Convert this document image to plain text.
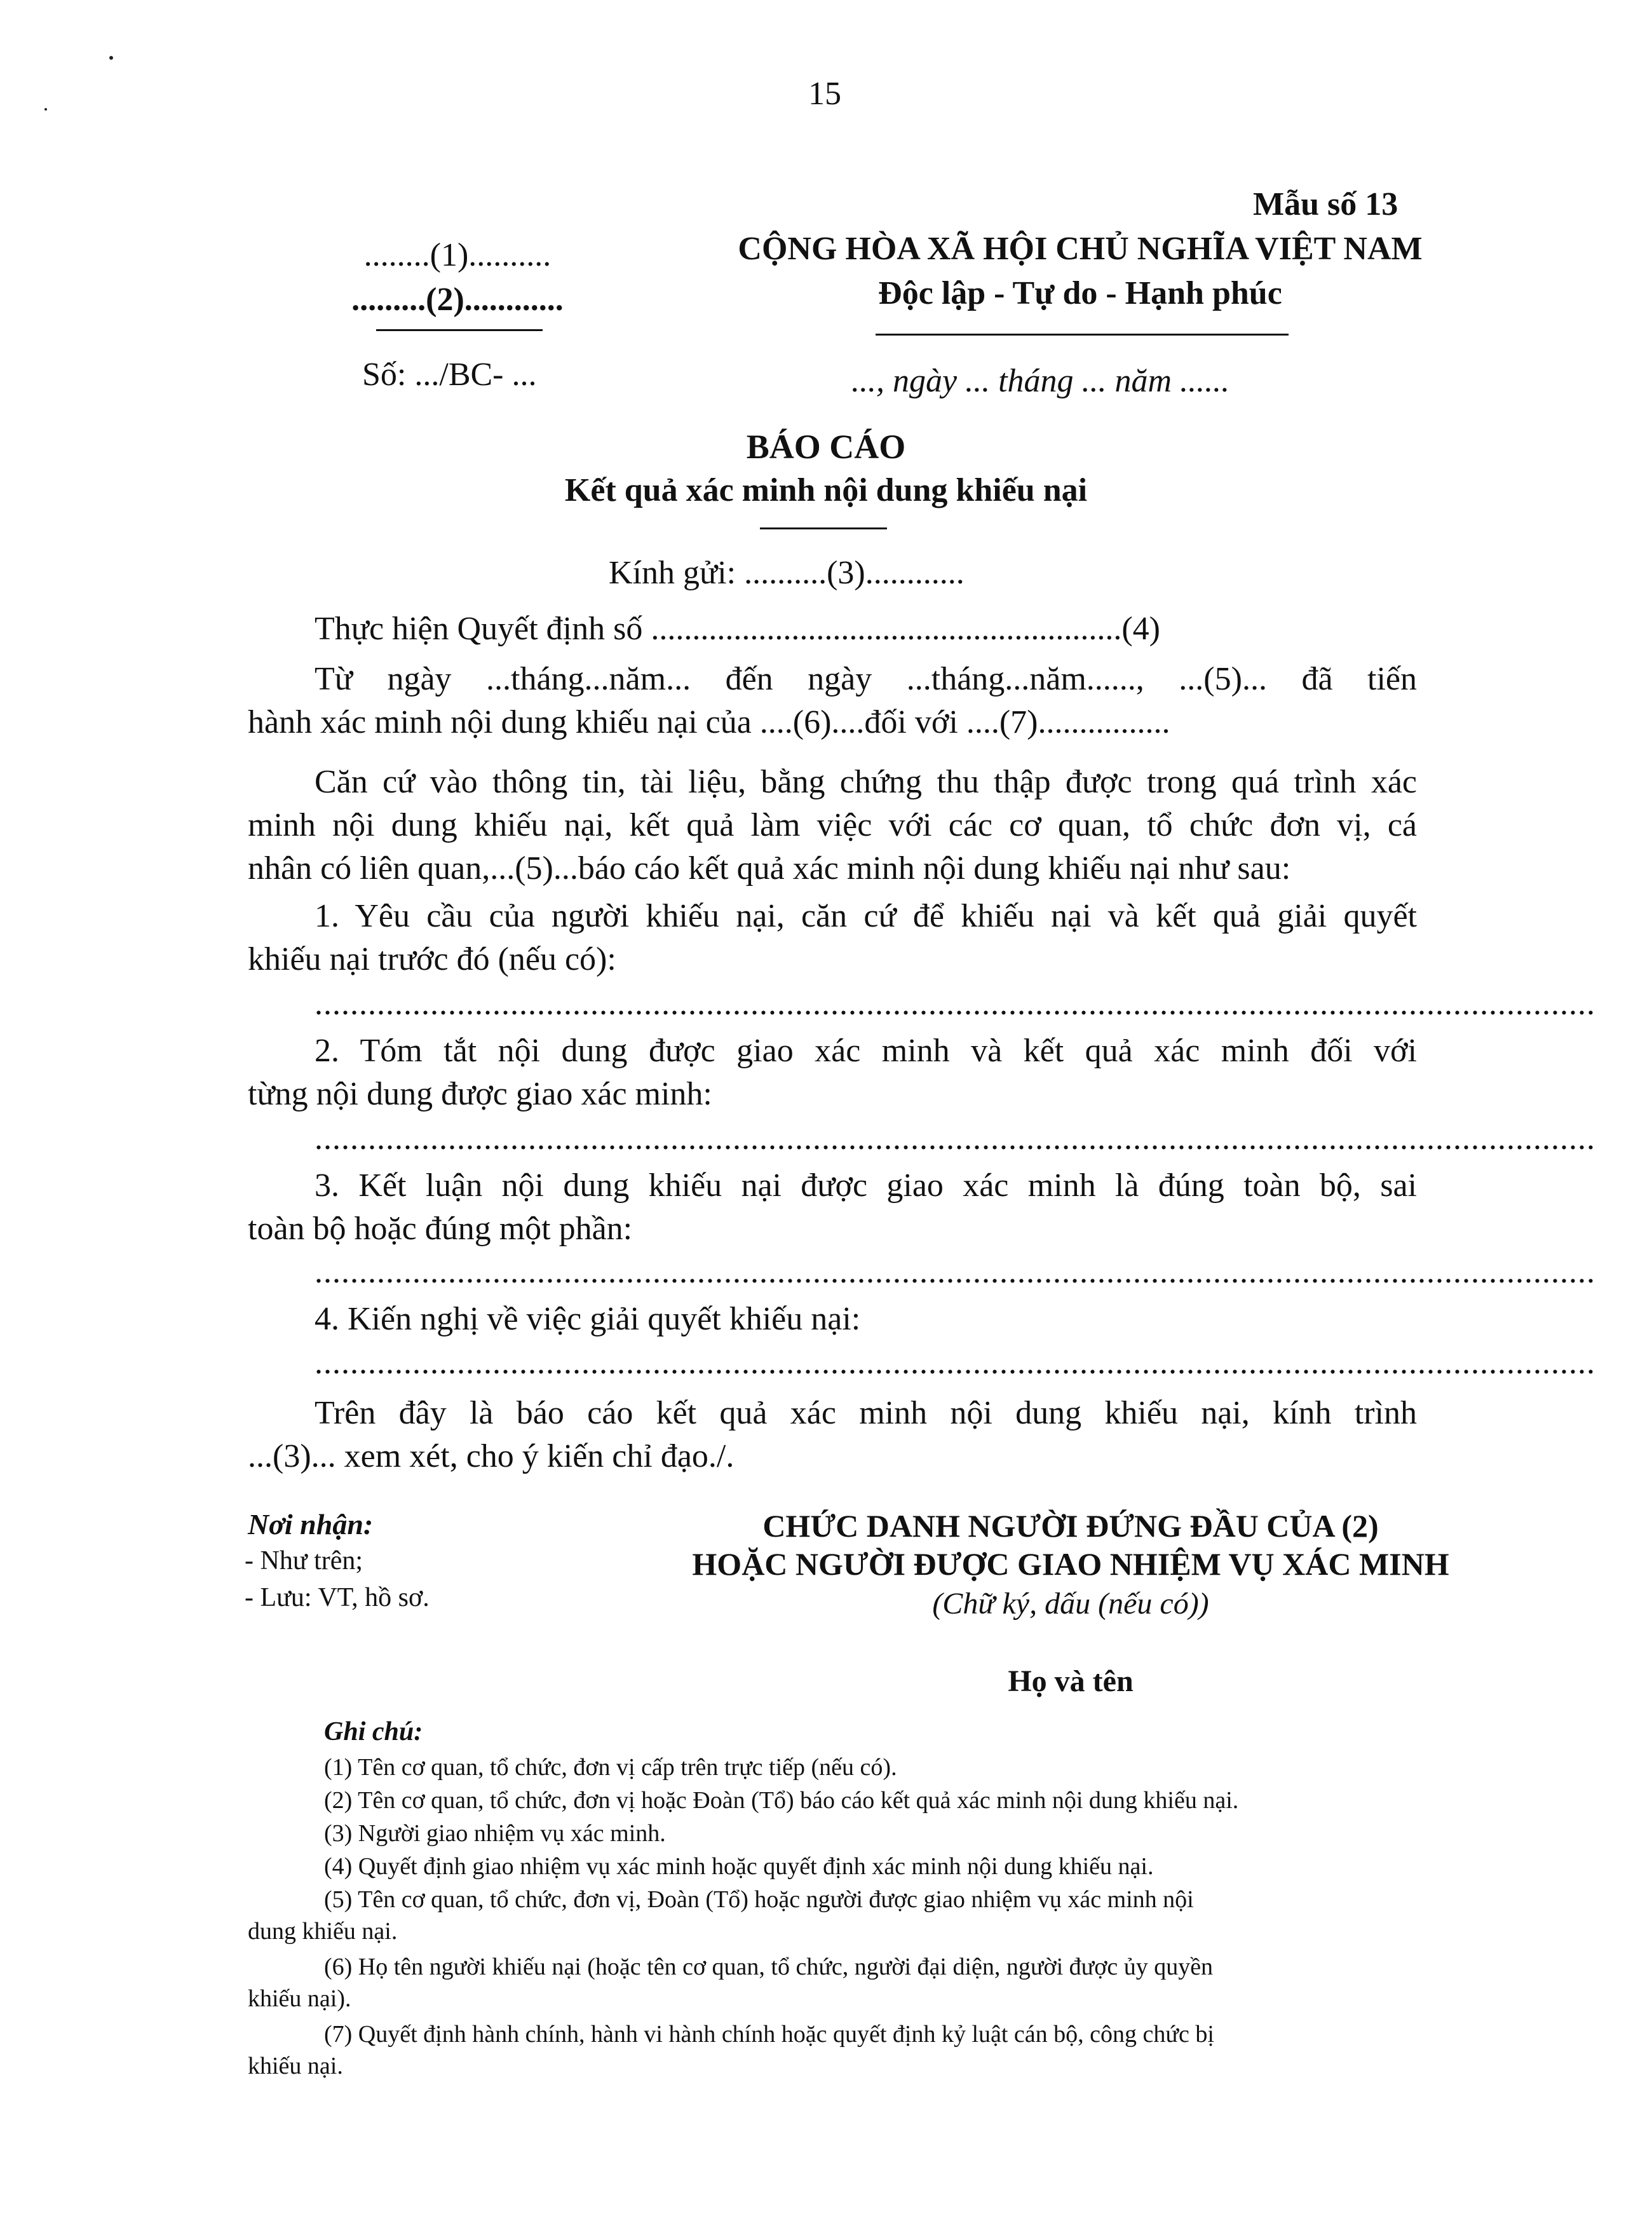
15
Mẫu số 13
........(1)..........
.........(2)............
Số: .../BC- ...
CỘNG HÒA XÃ HỘI CHỦ NGHĨA VIỆT NAM
Độc lập - Tự do - Hạnh phúc
..., ngày ... tháng ... năm ......
BÁO CÁO
Kết quả xác minh nội dung khiếu nại
Kính gửi: ..........(3)............
Thực hiện Quyết định số .........................................................(4)
Từ ngày ...tháng...năm... đến ngày ...tháng...năm......, ...(5)... đã tiến
hành xác minh nội dung khiếu nại của ....(6)....đối với ....(7)................
Căn cứ vào thông tin, tài liệu, bằng chứng thu thập được trong quá trình xác
minh nội dung khiếu nại, kết quả làm việc với các cơ quan, tổ chức đơn vị, cá
nhân có liên quan,...(5)...báo cáo kết quả xác minh nội dung khiếu nại như sau:
1. Yêu cầu của người khiếu nại, căn cứ để khiếu nại và kết quả giải quyết
khiếu nại trước đó (nếu có):
................................................................................................................................................
2. Tóm tắt nội dung được giao xác minh và kết quả xác minh đối với
từng nội dung được giao xác minh:
................................................................................................................................................
3. Kết luận nội dung khiếu nại được giao xác minh là đúng toàn bộ, sai
toàn bộ hoặc đúng một phần:
................................................................................................................................................
4. Kiến nghị về việc giải quyết khiếu nại:
................................................................................................................................................
Trên đây là báo cáo kết quả xác minh nội dung khiếu nại, kính trình
...(3)... xem xét, cho ý kiến chỉ đạo./.
Nơi nhận:
- Như trên;
- Lưu: VT, hồ sơ.
CHỨC DANH NGƯỜI ĐỨNG ĐẦU CỦA (2)
HOẶC NGƯỜI ĐƯỢC GIAO NHIỆM VỤ XÁC MINH
(Chữ ký, dấu (nếu có))
Họ và tên
Ghi chú:
(1) Tên cơ quan, tổ chức, đơn vị cấp trên trực tiếp (nếu có).
(2) Tên cơ quan, tổ chức, đơn vị hoặc Đoàn (Tổ) báo cáo kết quả xác minh nội dung khiếu nại.
(3) Người giao nhiệm vụ xác minh.
(4) Quyết định giao nhiệm vụ xác minh hoặc quyết định xác minh nội dung khiếu nại.
(5) Tên cơ quan, tổ chức, đơn vị, Đoàn (Tổ) hoặc người được giao nhiệm vụ xác minh nội
dung khiếu nại.
(6) Họ tên người khiếu nại (hoặc tên cơ quan, tổ chức, người đại diện, người được ủy quyền
khiếu nại).
(7) Quyết định hành chính, hành vi hành chính hoặc quyết định kỷ luật cán bộ, công chức bị
khiếu nại.
